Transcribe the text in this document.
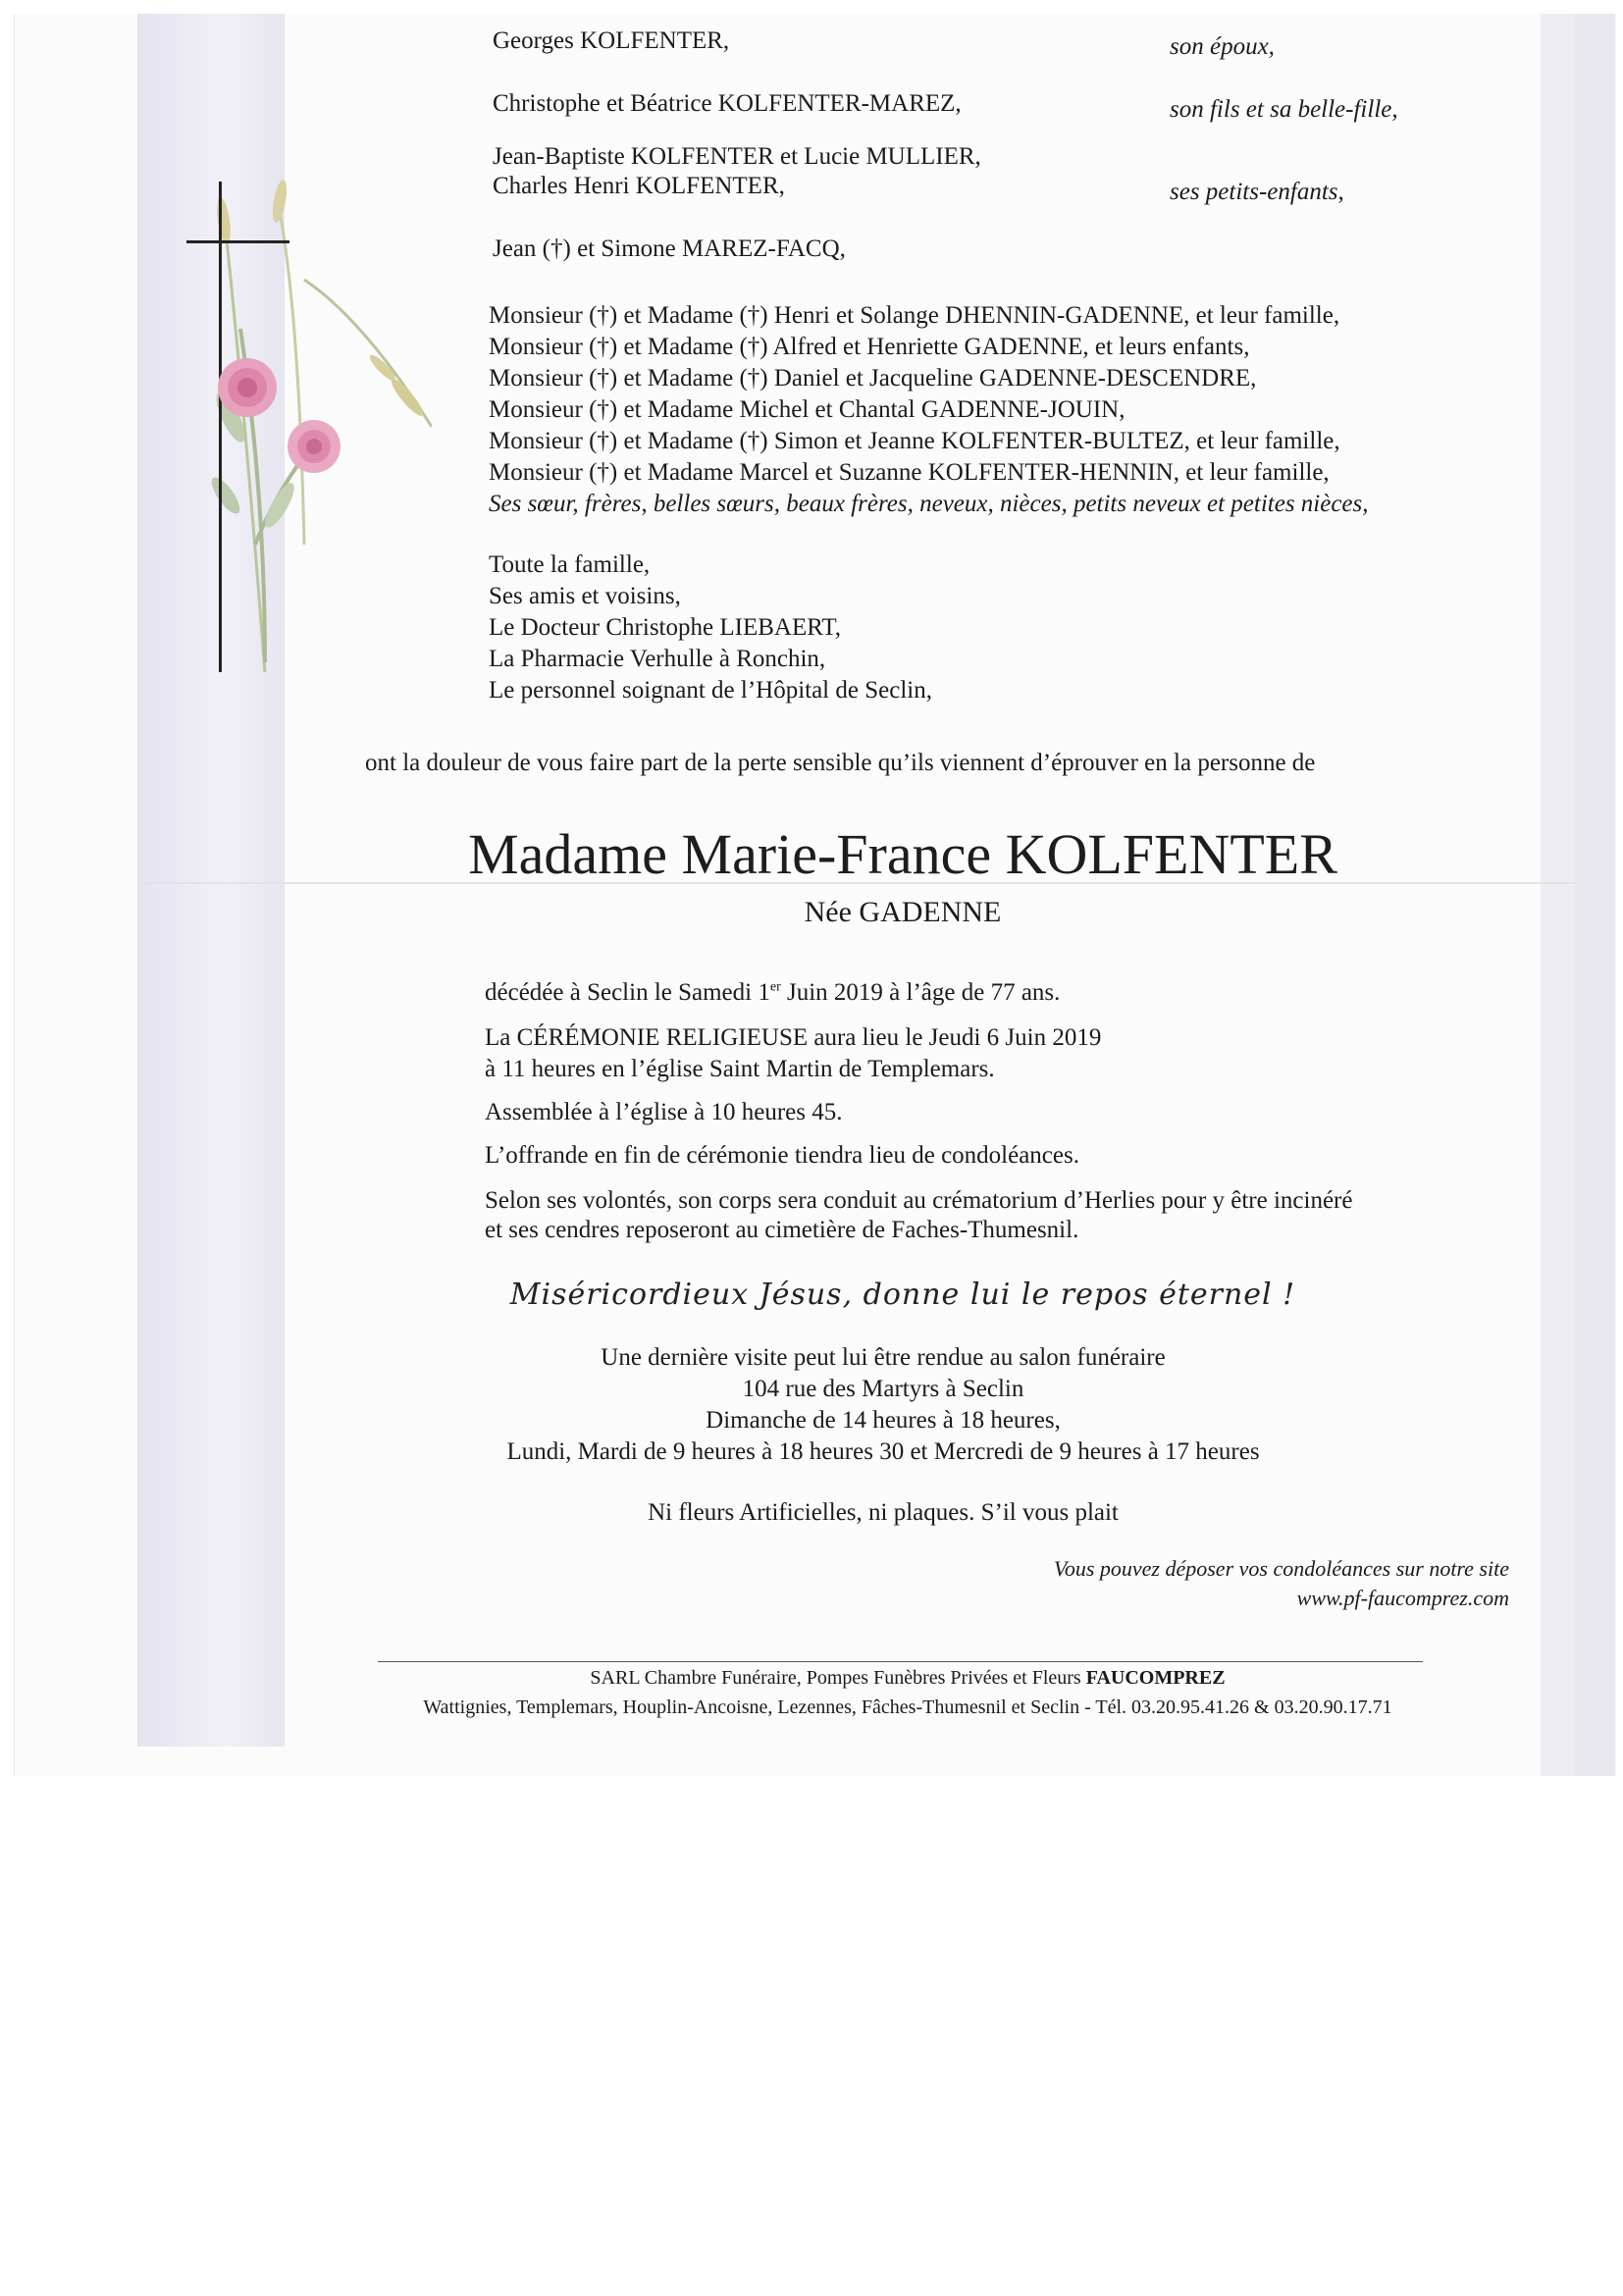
Georges KOLFENTER,	son époux,
Christophe et Béatrice KOLFENTER-MAREZ,	son fils et sa belle-fille,
Jean-Baptiste KOLFENTER et Lucie MULLIER,
Charles Henri KOLFENTER,	ses petits-enfants,
Jean (†) et Simone MAREZ-FACQ,
Monsieur (†) et Madame (†) Henri et Solange DHENNIN-GADENNE, et leur famille,
Monsieur (†) et Madame (†) Alfred et Henriette GADENNE, et leurs enfants,
Monsieur (†) et Madame (†) Daniel et Jacqueline GADENNE-DESCENDRE,
Monsieur (†) et Madame Michel et Chantal GADENNE-JOUIN,
Monsieur (†) et Madame (†) Simon et Jeanne KOLFENTER-BULTEZ, et leur famille,
Monsieur (†) et Madame Marcel et Suzanne KOLFENTER-HENNIN, et leur famille,
Ses sœur, frères, belles sœurs, beaux frères, neveux, nièces, petits neveux et petites nièces,
Toute la famille,
Ses amis et voisins,
Le Docteur Christophe LIEBAERT,
La Pharmacie Verhulle à Ronchin,
Le personnel soignant de l’Hôpital de Seclin,
ont la douleur de vous faire part de la perte sensible qu’ils viennent d’éprouver en la personne de
Madame Marie-France KOLFENTER
Née GADENNE
décédée à Seclin le Samedi 1er Juin 2019 à l’âge de 77 ans.
La CÉRÉMONIE RELIGIEUSE aura lieu le Jeudi 6 Juin 2019
à 11 heures en l’église Saint Martin de Templemars.
Assemblée à l’église à 10 heures 45.
L’offrande en fin de cérémonie tiendra lieu de condoléances.
Selon ses volontés, son corps sera conduit au crématorium d’Herlies pour y être incinéré
et ses cendres reposeront au cimetière de Faches-Thumesnil.
Miséricordieux Jésus, donne lui le repos éternel !
Une dernière visite peut lui être rendue au salon funéraire
104 rue des Martyrs à Seclin
Dimanche de 14 heures à 18 heures,
Lundi, Mardi de 9 heures à 18 heures 30 et Mercredi de 9 heures à 17 heures
Ni fleurs Artificielles, ni plaques. S’il vous plait
Vous pouvez déposer vos condoléances sur notre site
www.pf-faucomprez.com
SARL Chambre Funéraire, Pompes Funèbres Privées et Fleurs FAUCOMPREZ
Wattignies, Templemars, Houplin-Ancoisne, Lezennes, Fâches-Thumesnil et Seclin - Tél. 03.20.95.41.26 & 03.20.90.17.71
